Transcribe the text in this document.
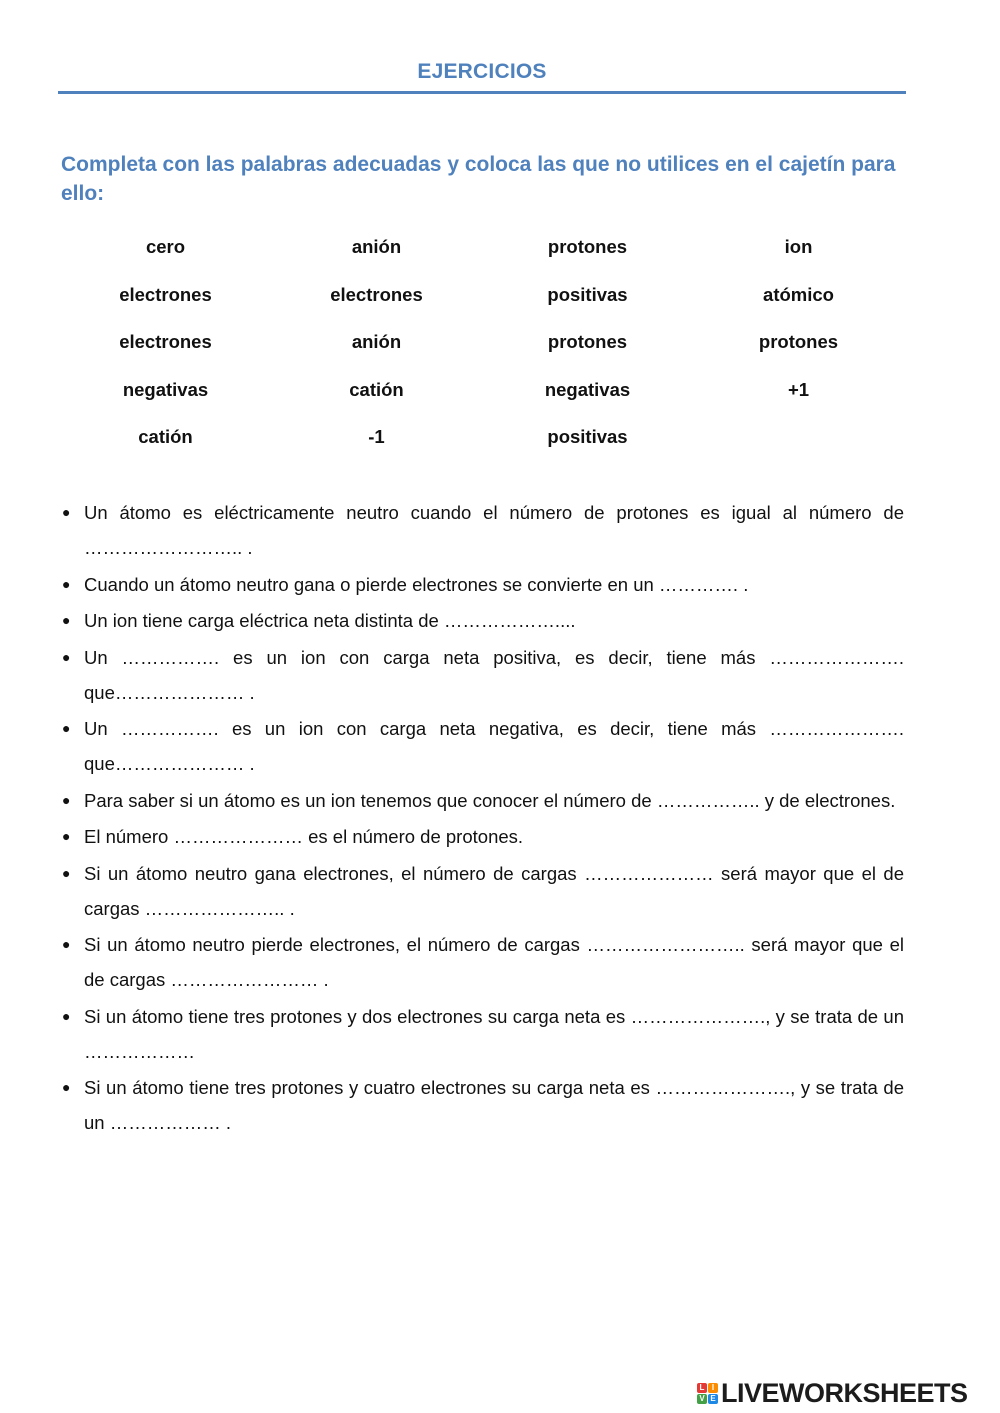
EJERCICIOS
Completa con las palabras adecuadas y coloca las que no utilices en el cajetín para ello:
cero	anión	protones	ion
electrones	electrones	positivas	atómico
electrones	anión	protones	protones
negativas	catión	negativas	+1
catión	-1	positivas
● Un átomo es eléctricamente neutro cuando el número de protones es igual al número de …………………….. .
● Cuando un átomo neutro gana o pierde electrones se convierte en un …………. .
● Un ion tiene carga eléctrica neta distinta de ………………....
● Un ……………. es un ion con carga neta positiva, es decir, tiene más …………………. que………………… .
● Un ……………. es un ion con carga neta negativa, es decir, tiene más …………………. que………………… .
● Para saber si un átomo es un ion tenemos que conocer el número de …………….. y de electrones.
● El número ………………… es el número de protones.
● Si un átomo neutro gana electrones, el número de cargas ………………… será mayor que el de cargas ………………….. .
● Si un átomo neutro pierde electrones, el número de cargas …………………….. será mayor que el de cargas …………………… .
● Si un átomo tiene tres protones y dos electrones su carga neta es …………………., y se trata de un ………………
● Si un átomo tiene tres protones y cuatro electrones su carga neta es …………………., y se trata de un ……………… .
L I
V E LIVEWORKSHEETS
